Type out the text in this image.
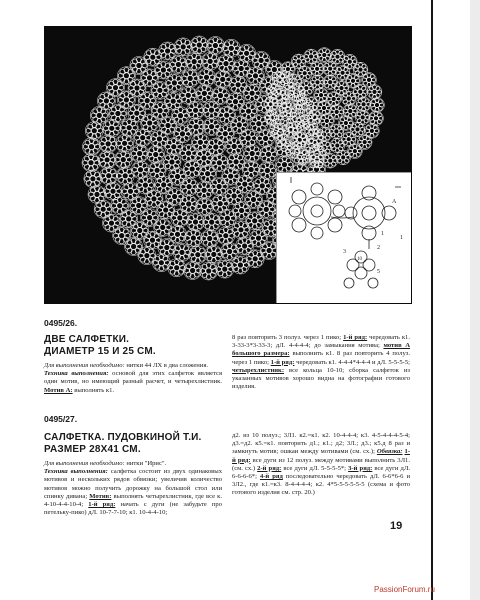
A
1
2
3
10
5
1
0495/26.
ДВЕ САЛФЕТКИ.
ДИАМЕТР 15 И 25 СМ.

Для выполнения необходимо: нитки 44 ЛХ в два сложения.

Техника выполнения: основой для этих салфеток является один мотив, но имеющий разный расчет, и четырехлистник. Мотив А: выполнять к1.

8 раз повторить 3 полуз. через 1 пико; 1-й ряд: чередовать к1. 3-33-3*3-33-3; дЛ. 4-4-4-4; до замыкания мотива; мотив А большого размера: выполнить к1. 8 раз повторить 4 полуз. через 1 пико; 1-й ряд: чередовать к1. 4-4-4*4-4-4 и дЛ. 5-5-5-5; четырехлистник: все кольца 10-10; сборка салфеток из указанных мотивов хорошо видна на фотографии готового изделия.

0495/27.
САЛФЕТКА. ПУДОВКИНОЙ Т.И.
РАЗМЕР 28Х41 СМ.

Для выполнения необходимо: нитки "Ирис".

Техника выполнения: салфетка состоит из двух одинаковых мотивов и нескольких рядов обвязки; увеличив количество мотивов можно получить дорожку на большой стол или спинку дивана; Мотив: выполнять четырехлистник, где все к. 4-10-4-4-10-4; 1-й ряд: начать с дуги (не забудьте про петельку-пико) дЛ. 10-7-7-10; к1. 10-4-4-10;

д2. из 10 полуз.; 3Л1. к2.=к1. к2. 10-4-4-4; к3. 4-5-4-4-4-5-4; д3.=д2. к5.=к1. повторить д1.; к1.; д2; 3Л.; д3.; к5.д 8 раз и замкнуть мотив; ошкаи между мотивами (см. сх.); Обвязка: 1-й ряд: все дуги из 12 полуз. между мотивами выполнить 3Л1. (см. сх.) 2-й ряд: все дуги дЛ. 5-5-5-5*; 3-й ряд: все дуги дЛ. 6-6-6-6*; 4-й ряд последовательно чередовать дЛ. 6-6*6-6 и 3Л2., где к1.=к3. 8-4-4-4-4; к2. 4*5-5-5-5-5-5 (схема и фото готового изделия см. стр. 20.)

19
PassionForum.ru
